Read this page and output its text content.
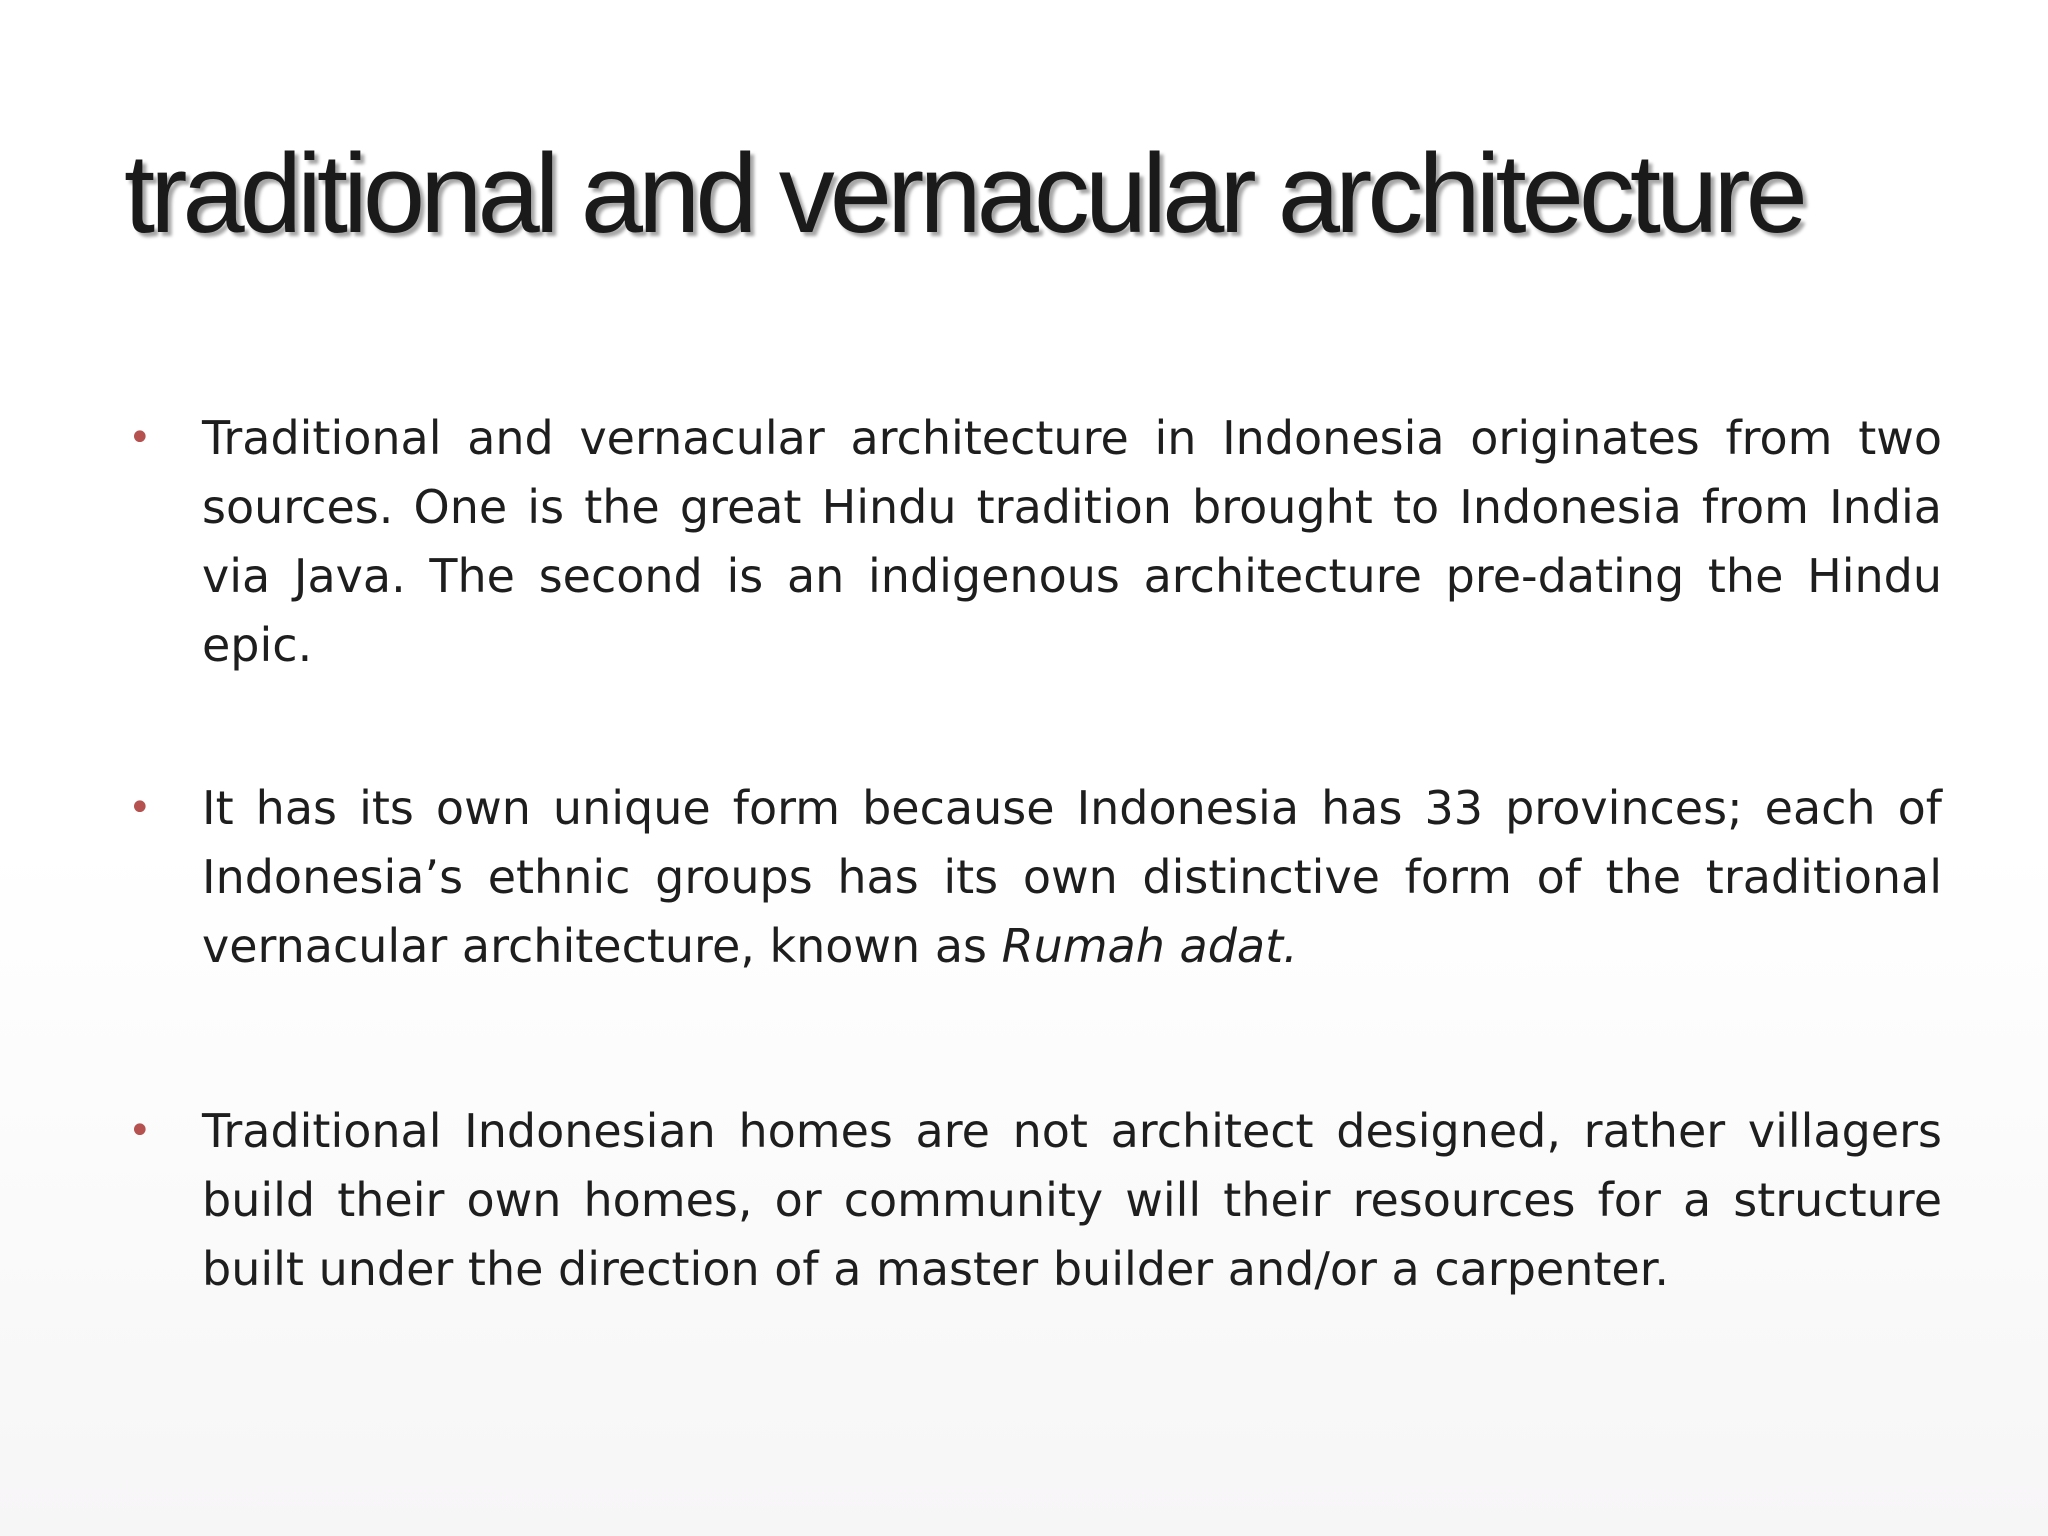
traditional and vernacular architecture
• Traditional and vernacular architecture in Indonesia originates from two sources. One is the great Hindu tradition brought to Indonesia from India via Java. The second is an indigenous architecture pre-dating the Hindu epic.
• It has its own unique form because Indonesia has 33 provinces; each of Indonesia’s ethnic groups has its own distinctive form of the traditional vernacular architecture, known as Rumah adat.
• Traditional Indonesian homes are not architect designed, rather villagers build their own homes, or community will their resources for a structure built under the direction of a master builder and/or a carpenter.
